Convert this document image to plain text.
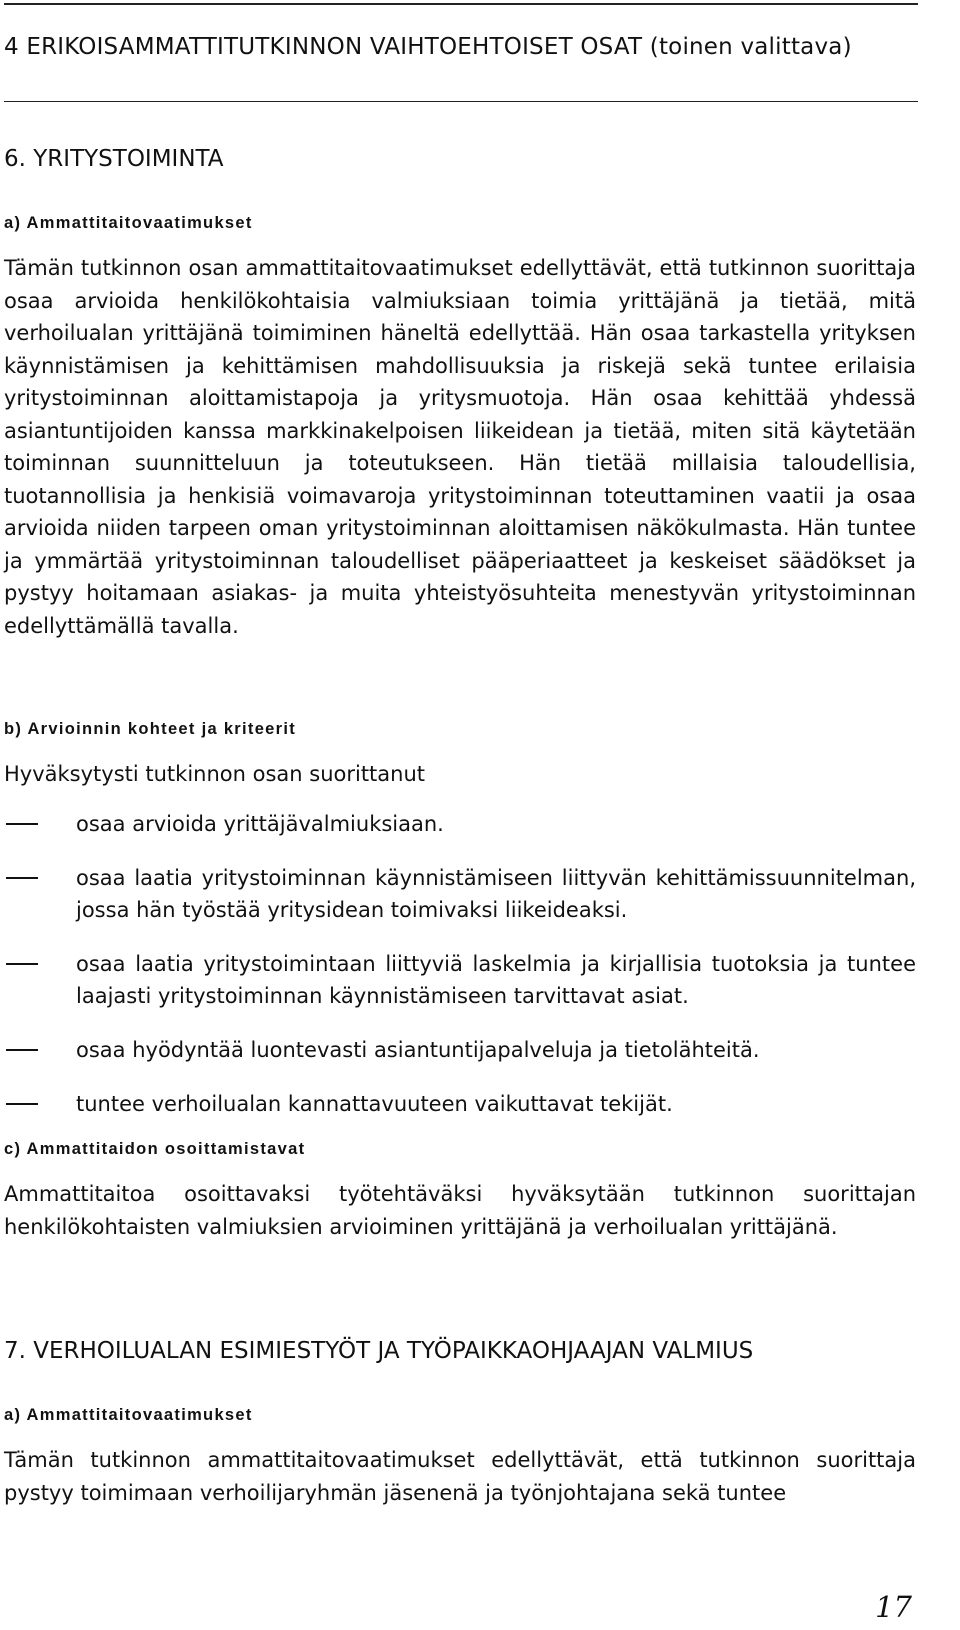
4 ERIKOISAMMATTITUTKINNON VAIHTOEHTOISET OSAT (toinen valittava)
6. YRITYSTOIMINTA
a) Ammattitaitovaatimukset
Tämän tutkinnon osan ammattitaitovaatimukset edellyttävät, että tutkinnon suorittaja osaa arvioida henkilökohtaisia valmiuksiaan toimia yrittäjänä ja tietää, mitä verhoilualan yrittäjänä toimiminen häneltä edellyttää. Hän osaa tarkastella yrityksen käynnistämisen ja kehittämisen mahdollisuuksia ja riskejä sekä tuntee erilaisia yritystoiminnan aloittamistapoja ja yritysmuotoja. Hän osaa kehittää yhdessä asiantuntijoiden kanssa markkinakelpoisen liikeidean ja tietää, miten sitä käytetään toiminnan suunnitteluun ja toteutukseen. Hän tietää millaisia taloudellisia, tuotannollisia ja henkisiä voimavaroja yritystoiminnan toteuttaminen vaatii ja osaa arvioida niiden tarpeen oman yritystoiminnan aloittamisen näkökulmasta. Hän tuntee ja ymmärtää yritystoiminnan taloudelliset pääperiaatteet ja keskeiset säädökset ja pystyy hoitamaan asiakas- ja muita yhteistyösuhteita menestyvän yritystoiminnan edellyttämällä tavalla.
b) Arvioinnin kohteet ja kriteerit
Hyväksytysti tutkinnon osan suorittanut
osaa arvioida yrittäjävalmiuksiaan.
osaa laatia yritystoiminnan käynnistämiseen liittyvän kehittämissuunnitelman, jossa hän työstää yritysidean toimivaksi liikeideaksi.
osaa laatia yritystoimintaan liittyviä laskelmia ja kirjallisia tuotoksia ja tuntee laajasti yritystoiminnan käynnistämiseen tarvittavat asiat.
osaa hyödyntää luontevasti asiantuntijapalveluja ja tietolähteitä.
tuntee verhoilualan kannattavuuteen vaikuttavat tekijät.
c) Ammattitaidon osoittamistavat
Ammattitaitoa osoittavaksi työtehtäväksi hyväksytään tutkinnon suorittajan henkilökohtaisten valmiuksien arvioiminen yrittäjänä ja verhoilualan yrittäjänä.
7. VERHOILUALAN ESIMIESTYÖT JA TYÖPAIKKAOHJAAJAN VALMIUS
a) Ammattitaitovaatimukset
Tämän tutkinnon ammattitaitovaatimukset edellyttävät, että tutkinnon suorittaja pystyy toimimaan verhoilijaryhmän jäsenenä ja työnjohtajana sekä tuntee
17
